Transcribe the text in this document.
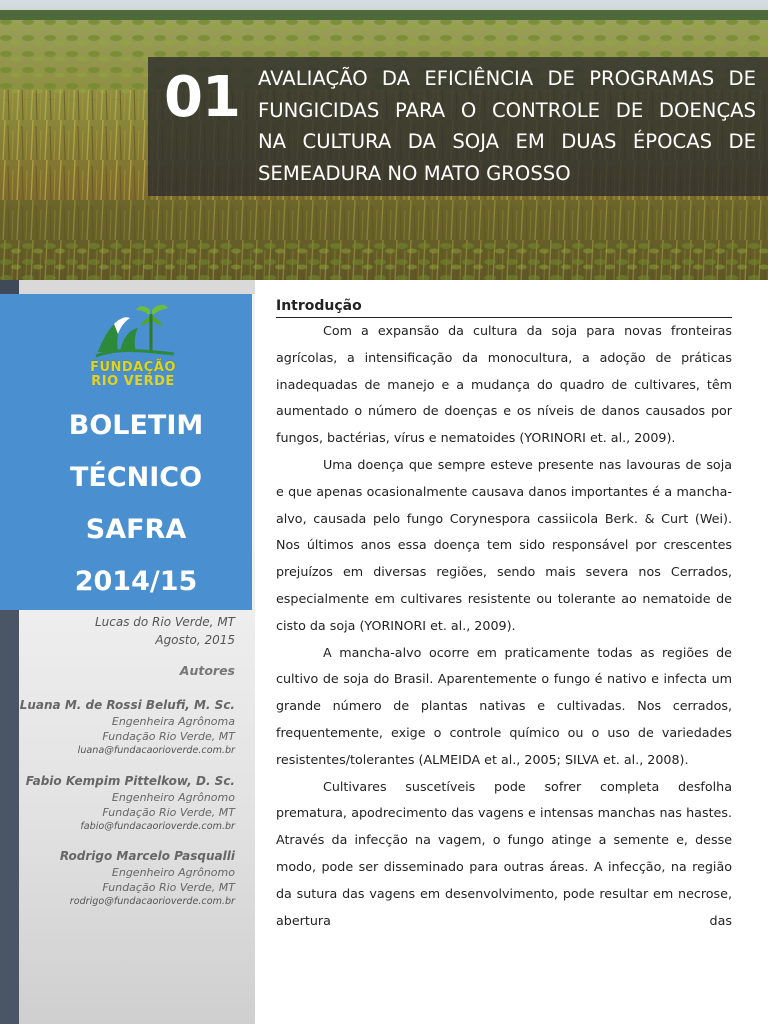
01 AVALIAÇÃO DA EFICIÊNCIA DE PROGRAMAS DE
FUNGICIDAS PARA O CONTROLE DE DOENÇAS
NA CULTURA DA SOJA EM DUAS ÉPOCAS DE
SEMEADURA NO MATO GROSSO
FUNDAÇÃO
RIO VERDE
BOLETIM
TÉCNICO
SAFRA
2014/15
Lucas do Rio Verde, MT
Agosto, 2015
Autores
Luana M. de Rossi Belufi, M. Sc.
Engenheira Agrônoma
Fundação Rio Verde, MT
luana@fundacaorioverde.com.br
Fabio Kempim Pittelkow, D. Sc.
Engenheiro Agrônomo
Fundação Rio Verde, MT
fabio@fundacaorioverde.com.br
Rodrigo Marcelo Pasqualli
Engenheiro Agrônomo
Fundação Rio Verde, MT
rodrigo@fundacaorioverde.com.br
Introdução

Com a expansão da cultura da soja para novas fronteiras agrícolas, a intensificação da monocultura, a adoção de práticas inadequadas de manejo e a mudança do quadro de cultivares, têm aumentado o número de doenças e os níveis de danos causados por fungos, bactérias, vírus e nematoides (YORINORI et. al., 2009).

Uma doença que sempre esteve presente nas lavouras de soja e que apenas ocasionalmente causava danos importantes é a mancha-alvo, causada pelo fungo Corynespora cassiicola Berk. & Curt (Wei). Nos últimos anos essa doença tem sido responsável por crescentes prejuízos em diversas regiões, sendo mais severa nos Cerrados, especialmente em cultivares resistente ou tolerante ao nematoide de cisto da soja (YORINORI et. al., 2009).

A mancha-alvo ocorre em praticamente todas as regiões de cultivo de soja do Brasil. Aparentemente o fungo é nativo e infecta um grande número de plantas nativas e cultivadas. Nos cerrados, frequentemente, exige o controle químico ou o uso de variedades resistentes/tolerantes (ALMEIDA et al., 2005; SILVA et. al., 2008).

Cultivares suscetíveis pode sofrer completa desfolha prematura, apodrecimento das vagens e intensas manchas nas hastes. Através da infecção na vagem, o fungo atinge a semente e, desse modo, pode ser disseminado para outras áreas. A infecção, na região da sutura das vagens em desenvolvimento, pode resultar em necrose, abertura das
